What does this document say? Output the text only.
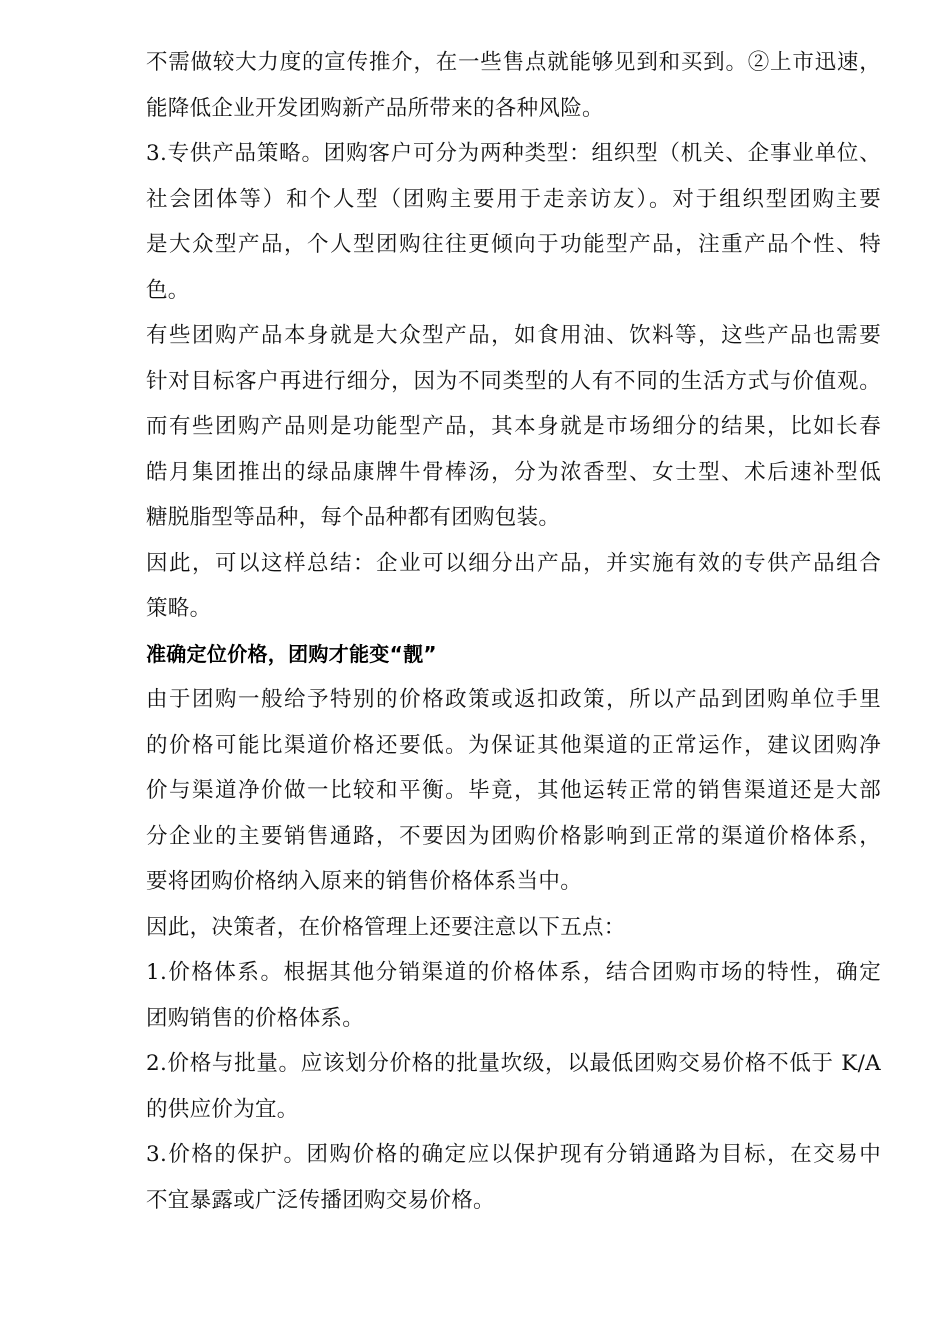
不需做较大力度的宣传推介，在一些售点就能够见到和买到。②上市迅速，
能降低企业开发团购新产品所带来的各种风险。
3.专供产品策略。团购客户可分为两种类型：组织型（机关、企事业单位、
社会团体等）和个人型（团购主要用于走亲访友）。对于组织型团购主要
是大众型产品，个人型团购往往更倾向于功能型产品，注重产品个性、特
色。
有些团购产品本身就是大众型产品，如食用油、饮料等，这些产品也需要
针对目标客户再进行细分，因为不同类型的人有不同的生活方式与价值观。
而有些团购产品则是功能型产品，其本身就是市场细分的结果，比如长春
皓月集团推出的绿品康牌牛骨棒汤，分为浓香型、女士型、术后速补型低
糖脱脂型等品种，每个品种都有团购包装。
因此，可以这样总结：企业可以细分出产品，并实施有效的专供产品组合
策略。
准确定位价格，团购才能变“靓”
由于团购一般给予特别的价格政策或返扣政策，所以产品到团购单位手里
的价格可能比渠道价格还要低。为保证其他渠道的正常运作，建议团购净
价与渠道净价做一比较和平衡。毕竟，其他运转正常的销售渠道还是大部
分企业的主要销售通路，不要因为团购价格影响到正常的渠道价格体系，
要将团购价格纳入原来的销售价格体系当中。
因此，决策者，在价格管理上还要注意以下五点：
1.价格体系。根据其他分销渠道的价格体系，结合团购市场的特性，确定
团购销售的价格体系。
2.价格与批量。应该划分价格的批量坎级，以最低团购交易价格不低于 K/A
的供应价为宜。
3.价格的保护。团购价格的确定应以保护现有分销通路为目标，在交易中
不宜暴露或广泛传播团购交易价格。
